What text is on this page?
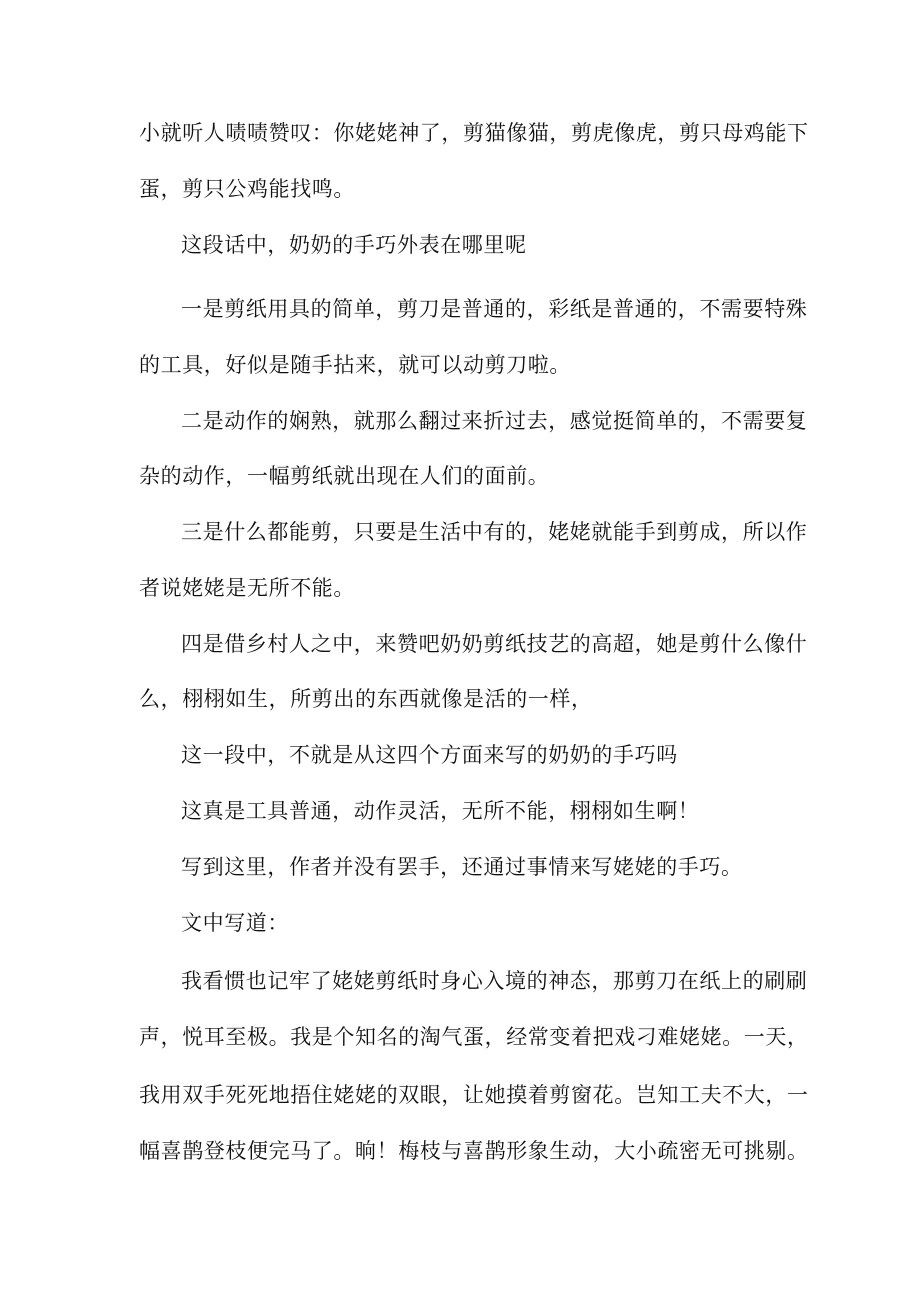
小就听人啧啧赞叹：你姥姥神了，剪猫像猫，剪虎像虎，剪只母鸡能下
蛋，剪只公鸡能找鸣。
这段话中，奶奶的手巧外表在哪里呢
一是剪纸用具的简单，剪刀是普通的，彩纸是普通的，不需要特殊
的工具，好似是随手拈来，就可以动剪刀啦。
二是动作的娴熟，就那么翻过来折过去，感觉挺简单的，不需要复
杂的动作，一幅剪纸就出现在人们的面前。
三是什么都能剪，只要是生活中有的，姥姥就能手到剪成，所以作
者说姥姥是无所不能。
四是借乡村人之中，来赞吧奶奶剪纸技艺的高超，她是剪什么像什
么，栩栩如生，所剪出的东西就像是活的一样，
这一段中，不就是从这四个方面来写的奶奶的手巧吗
这真是工具普通，动作灵活，无所不能，栩栩如生啊！
写到这里，作者并没有罢手，还通过事情来写姥姥的手巧。
文中写道：
我看惯也记牢了姥姥剪纸时身心入境的神态，那剪刀在纸上的刷刷
声，悦耳至极。我是个知名的淘气蛋，经常变着把戏刁难姥姥。一天，
我用双手死死地捂住姥姥的双眼，让她摸着剪窗花。岂知工夫不大，一
幅喜鹊登枝便完马了。晌！梅枝与喜鹊形象生动，大小疏密无可挑剔。
